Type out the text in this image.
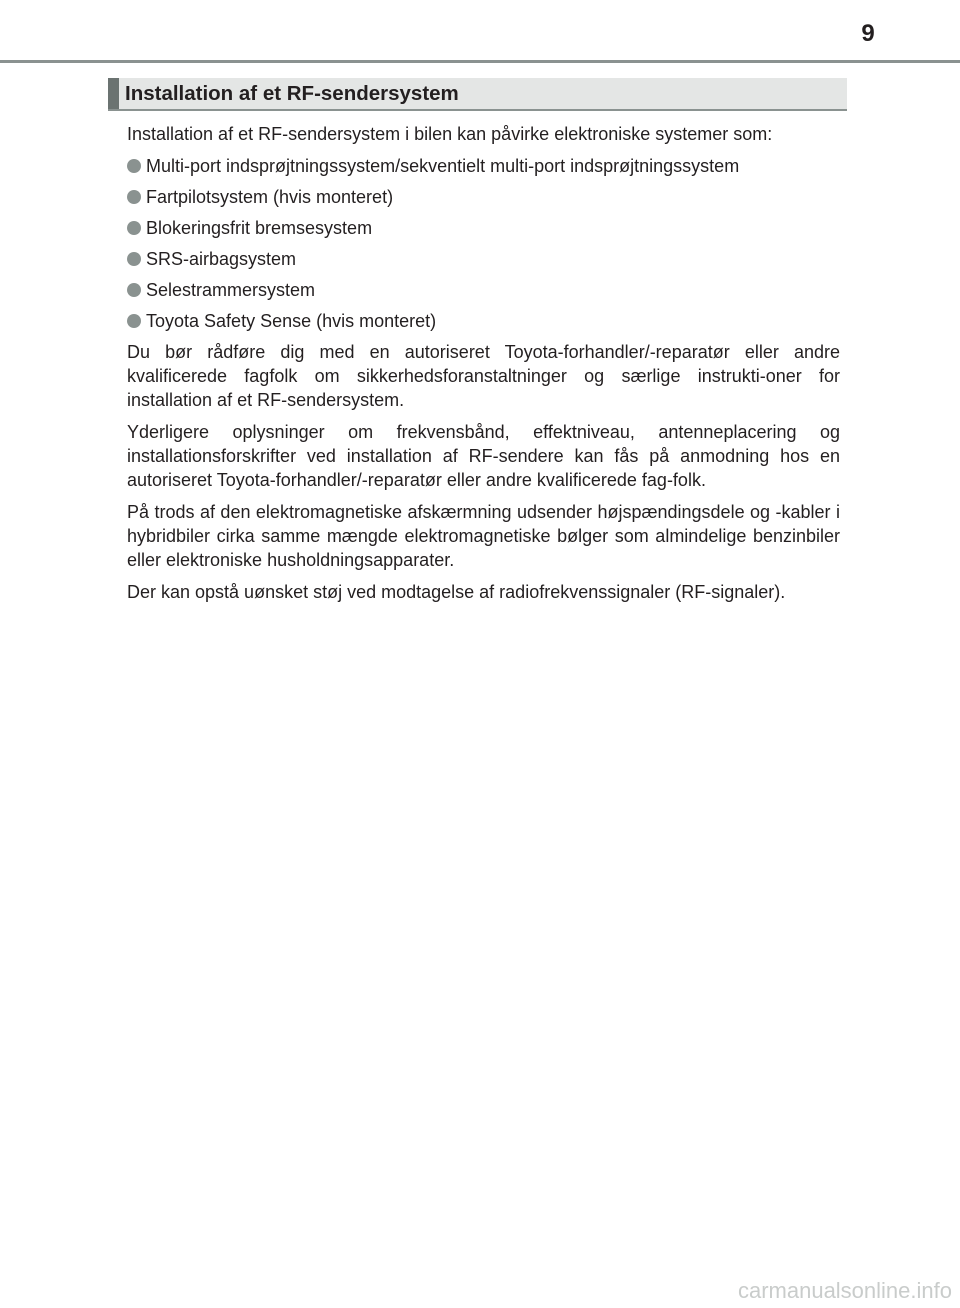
9
Installation af et RF-sendersystem

Installation af et RF-sendersystem i bilen kan påvirke elektroniske systemer som:

Multi-port indsprøjtningssystem/sekventielt multi-port indsprøjtningssystem
Fartpilotsystem (hvis monteret)
Blokeringsfrit bremsesystem
SRS-airbagsystem
Selestrammersystem
Toyota Safety Sense (hvis monteret)

Du bør rådføre dig med en autoriseret Toyota-forhandler/-reparatør eller andre kvalificerede fagfolk om sikkerhedsforanstaltninger og særlige instrukti-oner for installation af et RF-sendersystem.

Yderligere oplysninger om frekvensbånd, effektniveau, antenneplacering og installationsforskrifter ved installation af RF-sendere kan fås på anmodning hos en autoriseret Toyota-forhandler/-reparatør eller andre kvalificerede fag-folk.

På trods af den elektromagnetiske afskærmning udsender højspændingsdele og -kabler i hybridbiler cirka samme mængde elektromagnetiske bølger som almindelige benzinbiler eller elektroniske husholdningsapparater.

Der kan opstå uønsket støj ved modtagelse af radiofrekvenssignaler (RF-signaler).

carmanualsonline.info
